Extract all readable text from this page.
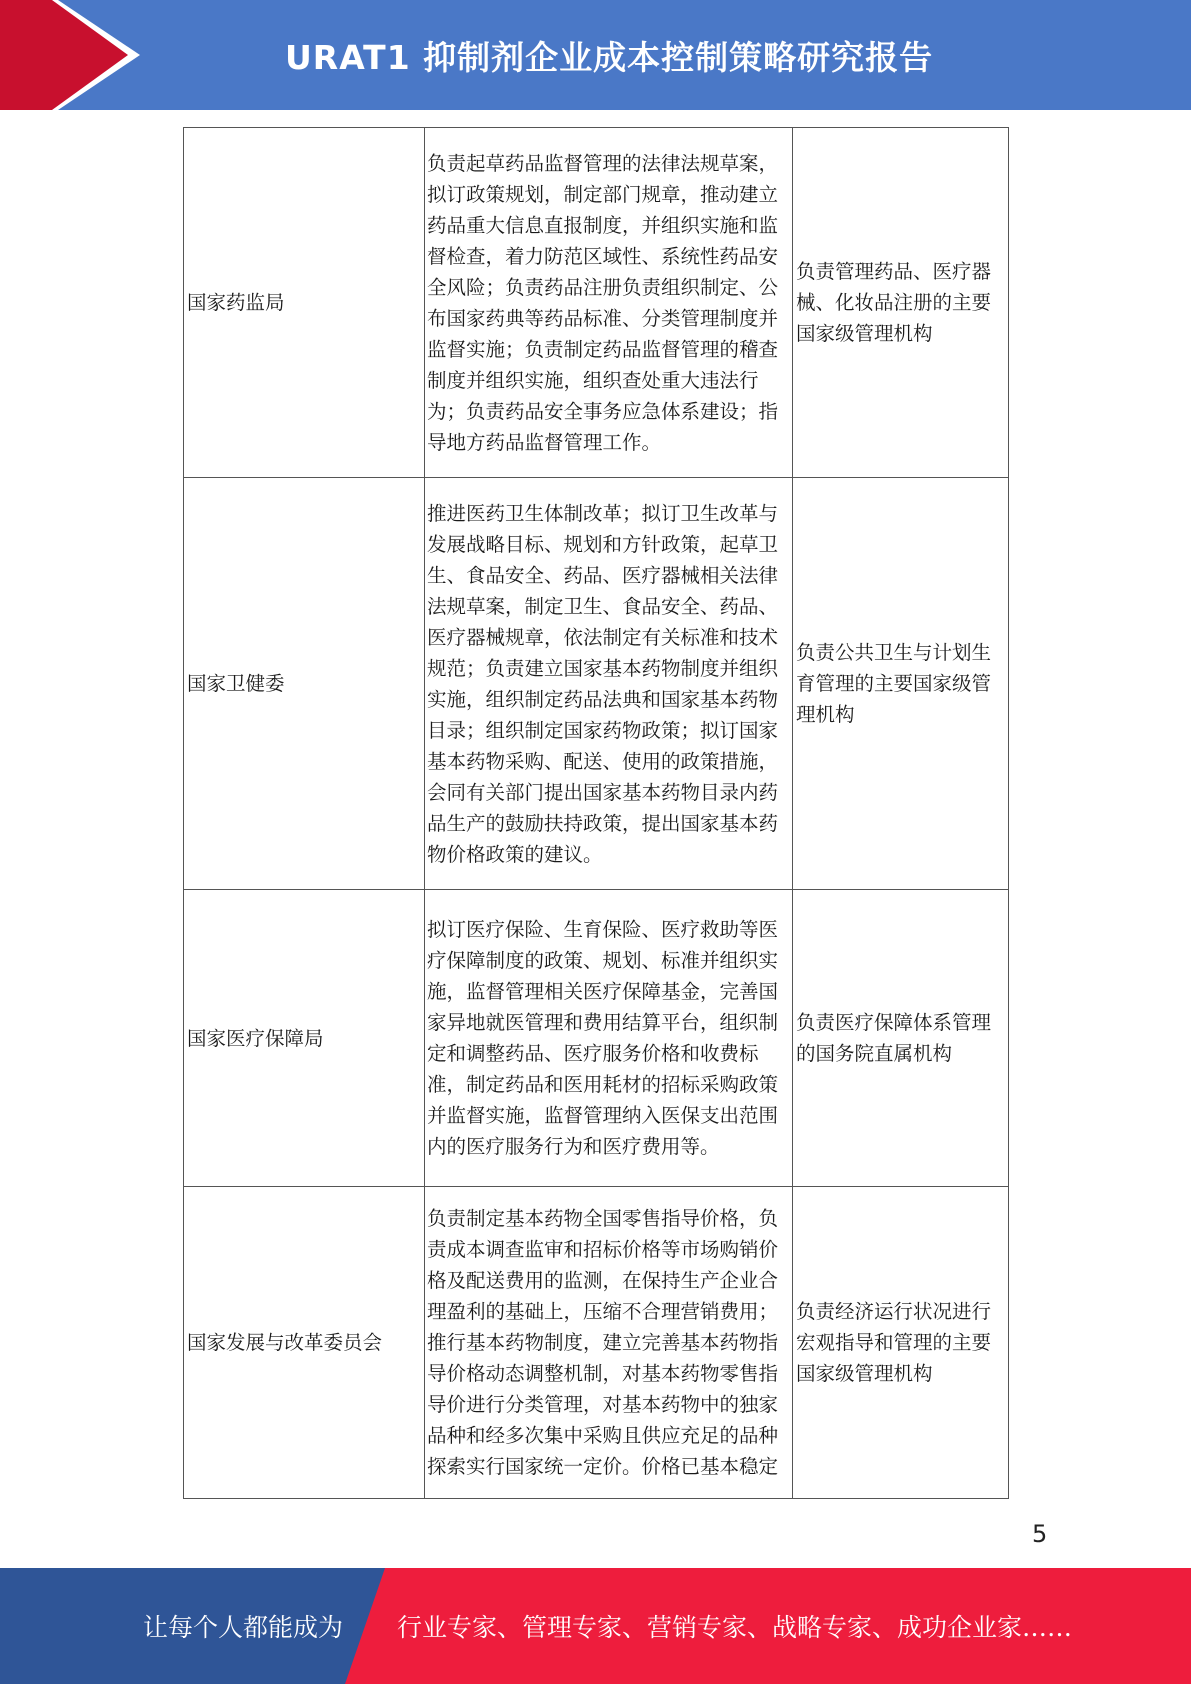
URAT1 抑制剂企业成本控制策略研究报告
国家药监局	负责起草药品监督管理的法律法规草案，拟订政策规划，制定部门规章，推动建立药品重大信息直报制度，并组织实施和监督检查，着力防范区域性、系统性药品安全风险；负责药品注册负责组织制定、公布国家药典等药品标准、分类管理制度并监督实施；负责制定药品监督管理的稽查制度并组织实施，组织查处重大违法行为；负责药品安全事务应急体系建设；指导地方药品监督管理工作。	负责管理药品、医疗器械、化妆品注册的主要国家级管理机构
国家卫健委	推进医药卫生体制改革；拟订卫生改革与发展战略目标、规划和方针政策，起草卫生、食品安全、药品、医疗器械相关法律法规草案，制定卫生、食品安全、药品、医疗器械规章，依法制定有关标准和技术规范；负责建立国家基本药物制度并组织实施，组织制定药品法典和国家基本药物目录；组织制定国家药物政策；拟订国家基本药物采购、配送、使用的政策措施，会同有关部门提出国家基本药物目录内药品生产的鼓励扶持政策，提出国家基本药物价格政策的建议。	负责公共卫生与计划生育管理的主要国家级管理机构
国家医疗保障局	拟订医疗保险、生育保险、医疗救助等医疗保障制度的政策、规划、标准并组织实施，监督管理相关医疗保障基金，完善国家异地就医管理和费用结算平台，组织制定和调整药品、医疗服务价格和收费标准，制定药品和医用耗材的招标采购政策并监督实施，监督管理纳入医保支出范围内的医疗服务行为和医疗费用等。	负责医疗保障体系管理的国务院直属机构
国家发展与改革委员会	负责制定基本药物全国零售指导价格，负责成本调查监审和招标价格等市场购销价格及配送费用的监测，在保持生产企业合理盈利的基础上，压缩不合理营销费用；推行基本药物制度，建立完善基本药物指导价格动态调整机制，对基本药物零售指导价进行分类管理，对基本药物中的独家品种和经多次集中采购且供应充足的品种探索实行国家统一定价。价格已基本稳定	负责经济运行状况进行宏观指导和管理的主要国家级管理机构
5
让每个人都能成为 行业专家、管理专家、营销专家、战略专家、成功企业家……
